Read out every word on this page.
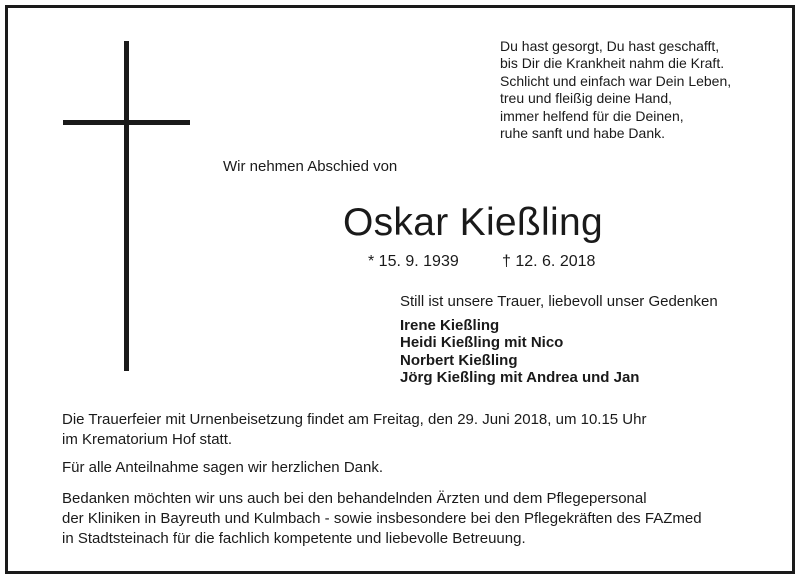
Du hast gesorgt, Du hast geschafft,
bis Dir die Krankheit nahm die Kraft.
Schlicht und einfach war Dein Leben,
treu und fleißig deine Hand,
immer helfend für die Deinen,
ruhe sanft und habe Dank.
Wir nehmen Abschied von
Oskar Kießling
* 15. 9. 1939	† 12. 6. 2018
Still ist unsere Trauer, liebevoll unser Gedenken
Irene Kießling
Heidi Kießling mit Nico
Norbert Kießling
Jörg Kießling mit Andrea und Jan
Die Trauerfeier mit Urnenbeisetzung findet am Freitag, den 29. Juni 2018, um 10.15 Uhr
im Krematorium Hof statt.
Für alle Anteilnahme sagen wir herzlichen Dank.
Bedanken möchten wir uns auch bei den behandelnden Ärzten und dem Pflegepersonal
der Kliniken in Bayreuth und Kulmbach - sowie insbesondere bei den Pflegekräften des FAZmed
in Stadtsteinach für die fachlich kompetente und liebevolle Betreuung.
